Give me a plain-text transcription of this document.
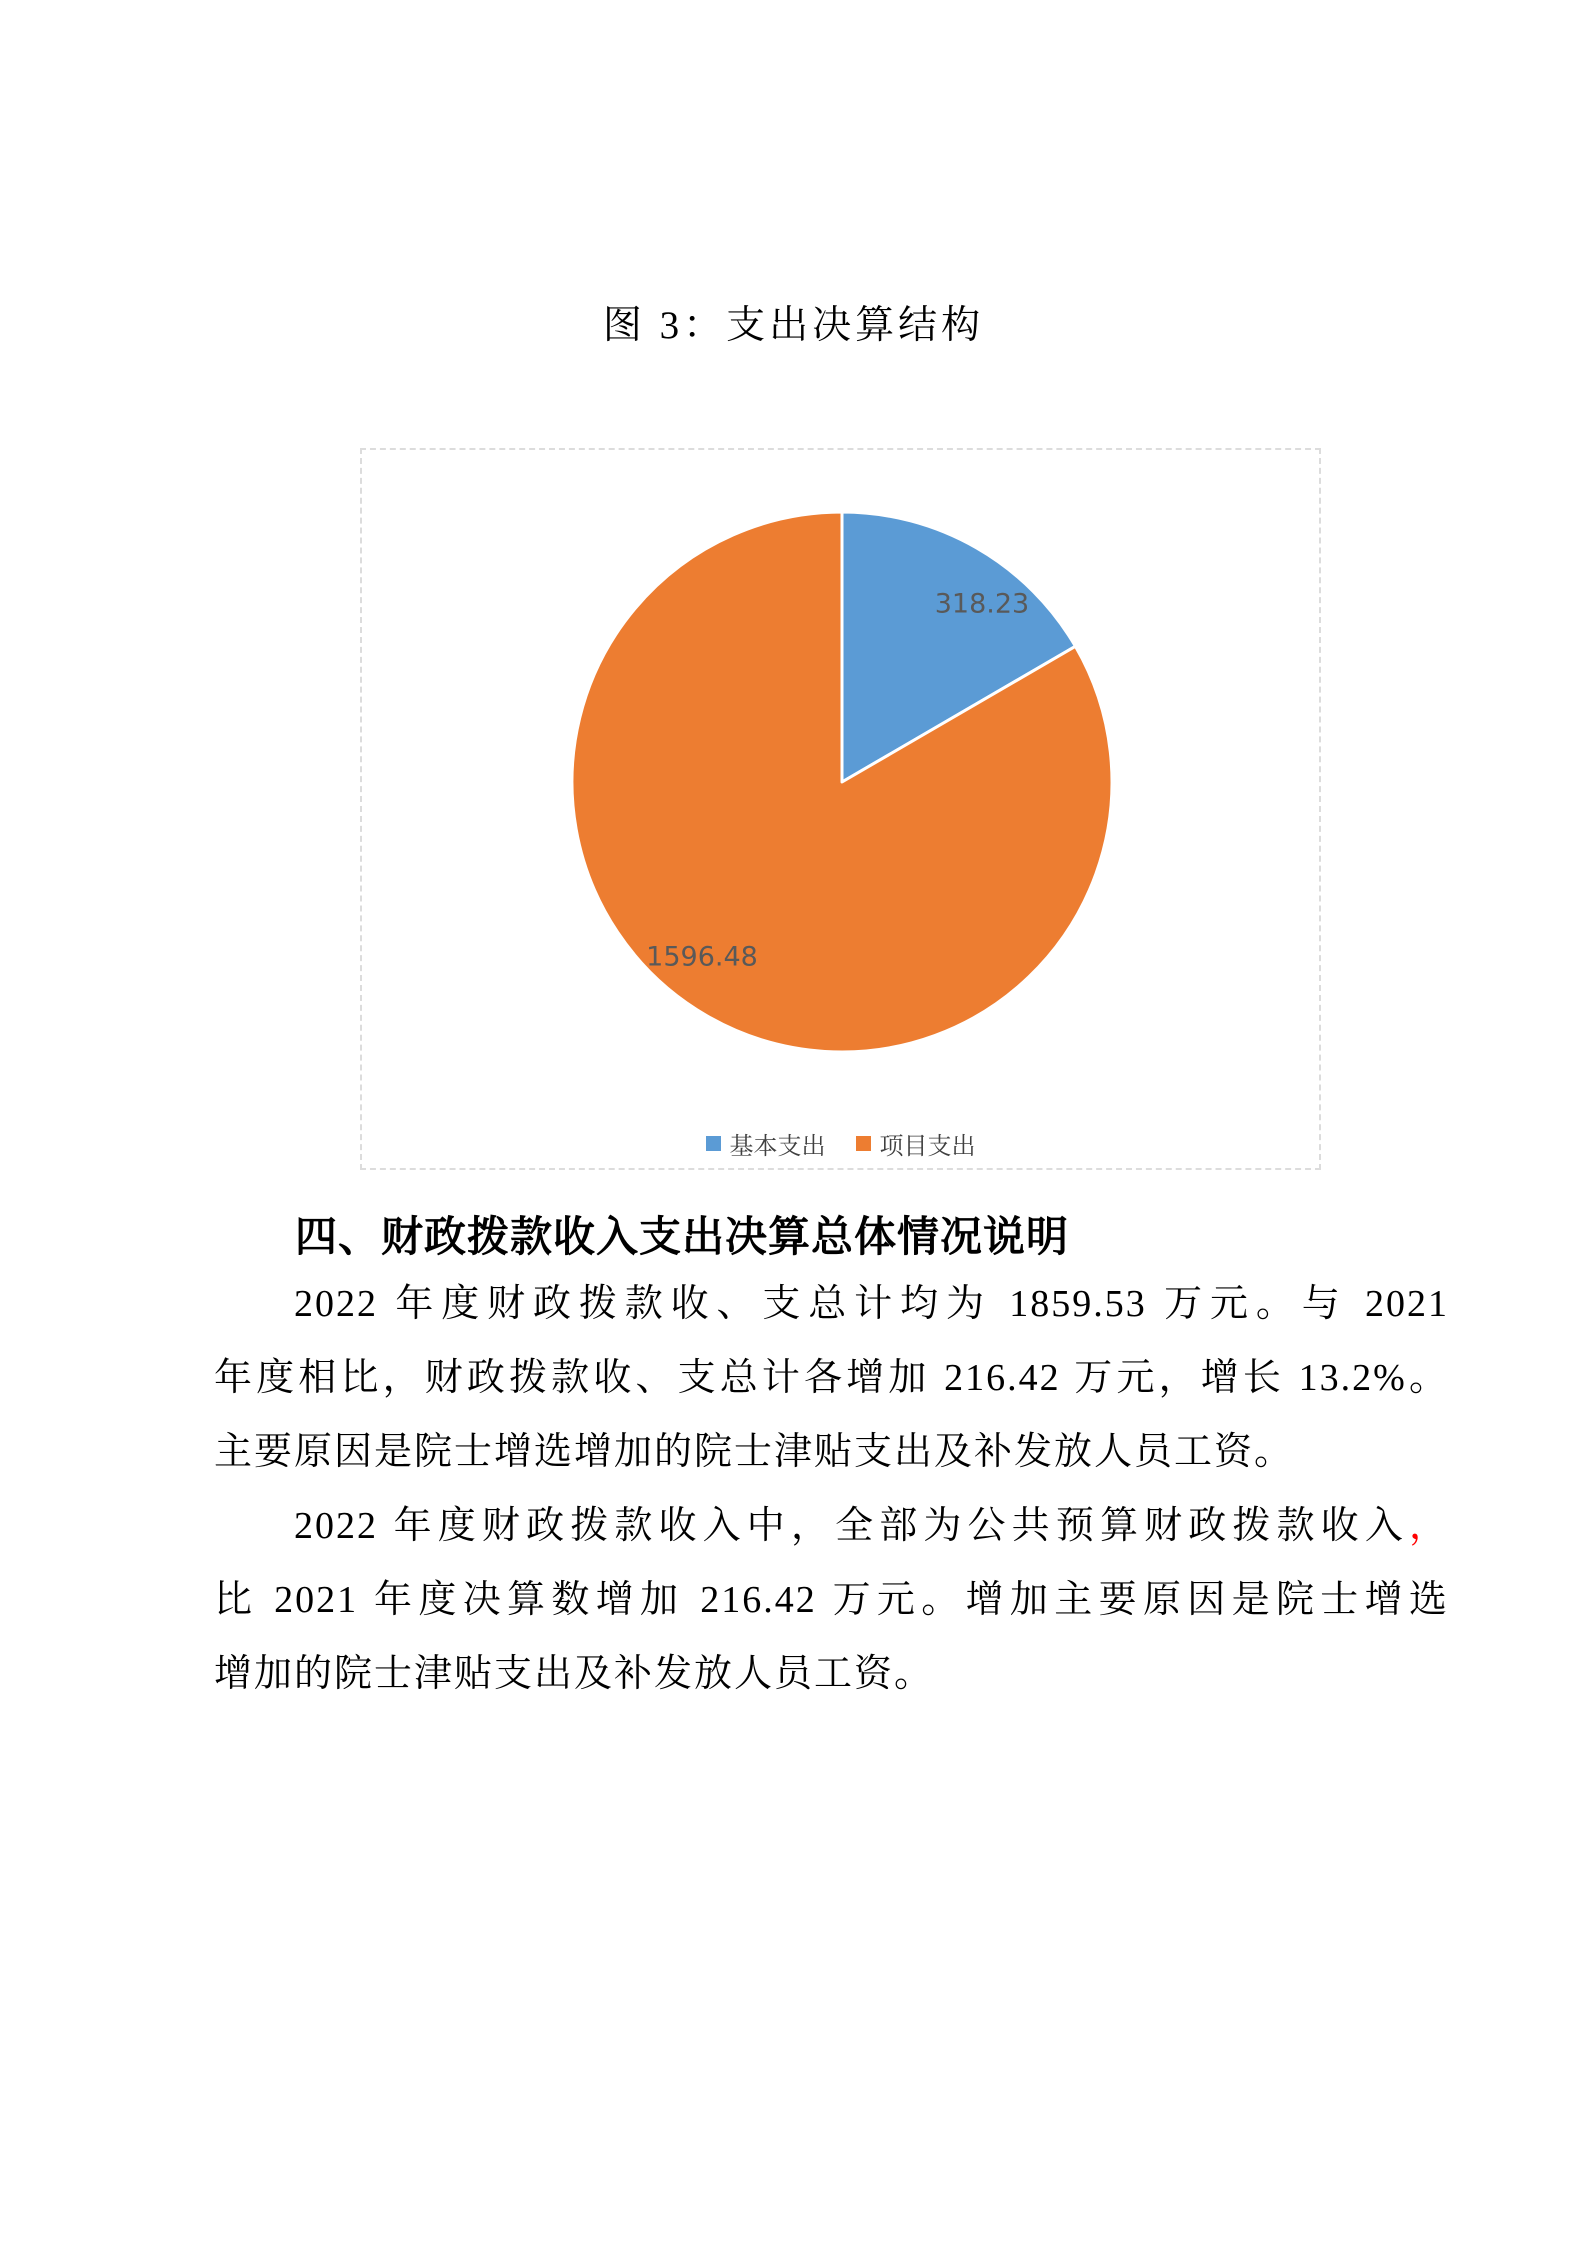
图 3：支出决算结构
318.23
1596.48
基本支出 项目支出
四、财政拨款收入支出决算总体情况说明
2022 年度财政拨款收、支总计均为 1859.53 万元。与 2021
年度相比，财政拨款收、支总计各增加 216.42 万元，增长 13.2%。
主要原因是院士增选增加的院士津贴支出及补发放人员工资。
2022 年度财政拨款收入中，全部为公共预算财政拨款收入，
比 2021 年度决算数增加 216.42 万元。增加主要原因是院士增选
增加的院士津贴支出及补发放人员工资。
